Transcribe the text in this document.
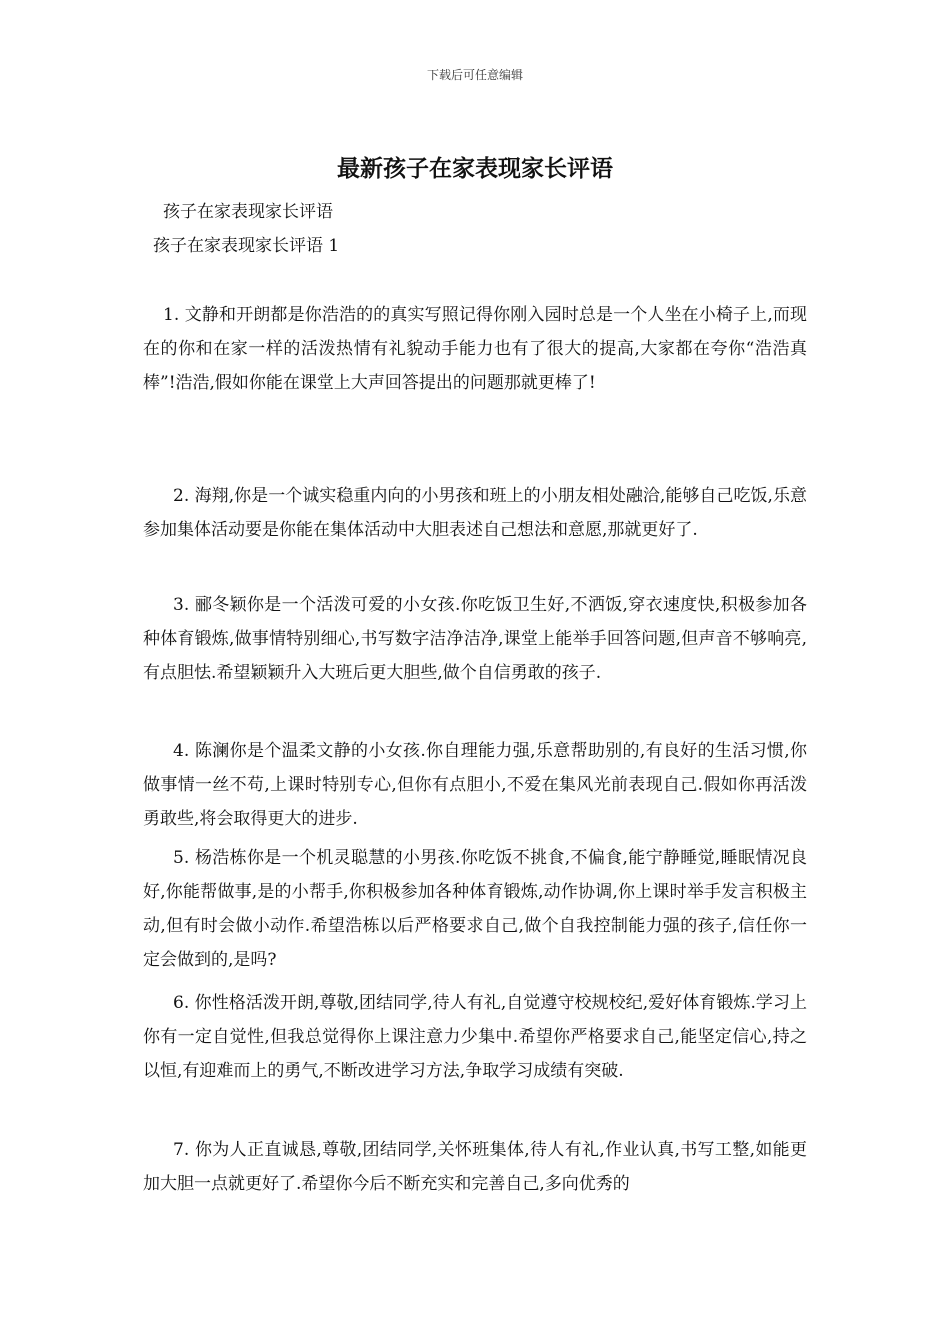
下载后可任意编辑
最新孩子在家表现家长评语
孩子在家表现家长评语
孩子在家表现家长评语 1

1. 文静和开朗都是你浩浩的的真实写照记得你刚入园时总是一个人坐在小椅子上,而现在的你和在家一样的活泼热情有礼貌动手能力也有了很大的提高,大家都在夸你“浩浩真棒”!浩浩,假如你能在课堂上大声回答提出的问题那就更棒了!

2. 海翔,你是一个诚实稳重内向的小男孩和班上的小朋友相处融洽,能够自己吃饭,乐意参加集体活动要是你能在集体活动中大胆表述自己想法和意愿,那就更好了.

3. 郦冬颖你是一个活泼可爱的小女孩.你吃饭卫生好,不洒饭,穿衣速度快,积极参加各种体育锻炼,做事情特别细心,书写数字洁净洁净,课堂上能举手回答问题,但声音不够响亮,有点胆怯.希望颖颖升入大班后更大胆些,做个自信勇敢的孩子.

4. 陈澜你是个温柔文静的小女孩.你自理能力强,乐意帮助别的,有良好的生活习惯,你做事情一丝不苟,上课时特别专心,但你有点胆小,不爱在集风光前表现自己.假如你再活泼勇敢些,将会取得更大的进步.

5. 杨浩栋你是一个机灵聪慧的小男孩.你吃饭不挑食,不偏食,能宁静睡觉,睡眠情况良好,你能帮做事,是的小帮手,你积极参加各种体育锻炼,动作协调,你上课时举手发言积极主动,但有时会做小动作.希望浩栋以后严格要求自己,做个自我控制能力强的孩子,信任你一定会做到的,是吗?

6. 你性格活泼开朗,尊敬,团结同学,待人有礼,自觉遵守校规校纪,爱好体育锻炼.学习上你有一定自觉性,但我总觉得你上课注意力少集中.希望你严格要求自己,能坚定信心,持之以恒,有迎难而上的勇气,不断改进学习方法,争取学习成绩有突破.

7. 你为人正直诚恳,尊敬,团结同学,关怀班集体,待人有礼,作业认真,书写工整,如能更加大胆一点就更好了.希望你今后不断充实和完善自己,多向优秀的
